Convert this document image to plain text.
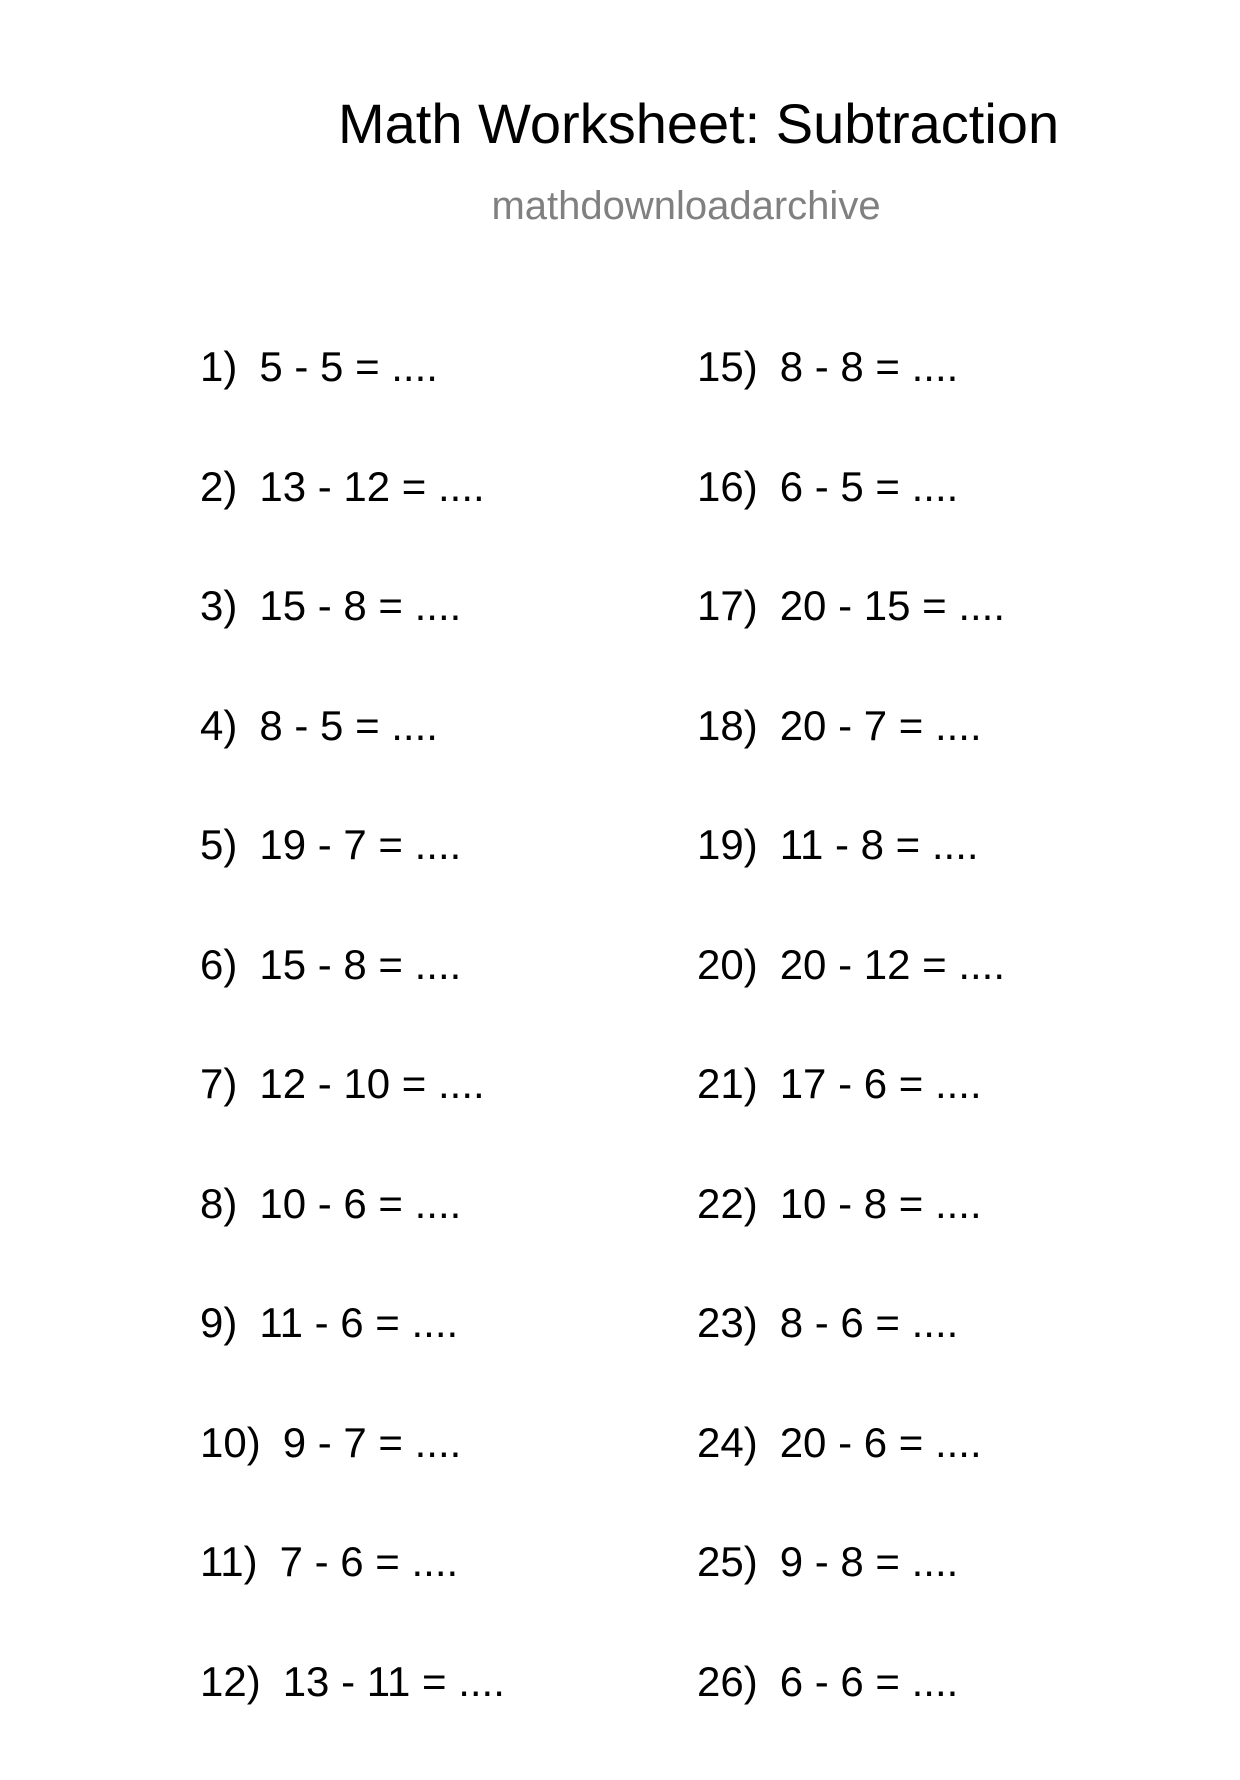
Math Worksheet: Subtraction
mathdownloadarchive
1) 5 - 5 = ....
2) 13 - 12 = ....
3) 15 - 8 = ....
4) 8 - 5 = ....
5) 19 - 7 = ....
6) 15 - 8 = ....
7) 12 - 10 = ....
8) 10 - 6 = ....
9) 11 - 6 = ....
10) 9 - 7 = ....
11) 7 - 6 = ....
12) 13 - 11 = ....
15) 8 - 8 = ....
16) 6 - 5 = ....
17) 20 - 15 = ....
18) 20 - 7 = ....
19) 11 - 8 = ....
20) 20 - 12 = ....
21) 17 - 6 = ....
22) 10 - 8 = ....
23) 8 - 6 = ....
24) 20 - 6 = ....
25) 9 - 8 = ....
26) 6 - 6 = ....
